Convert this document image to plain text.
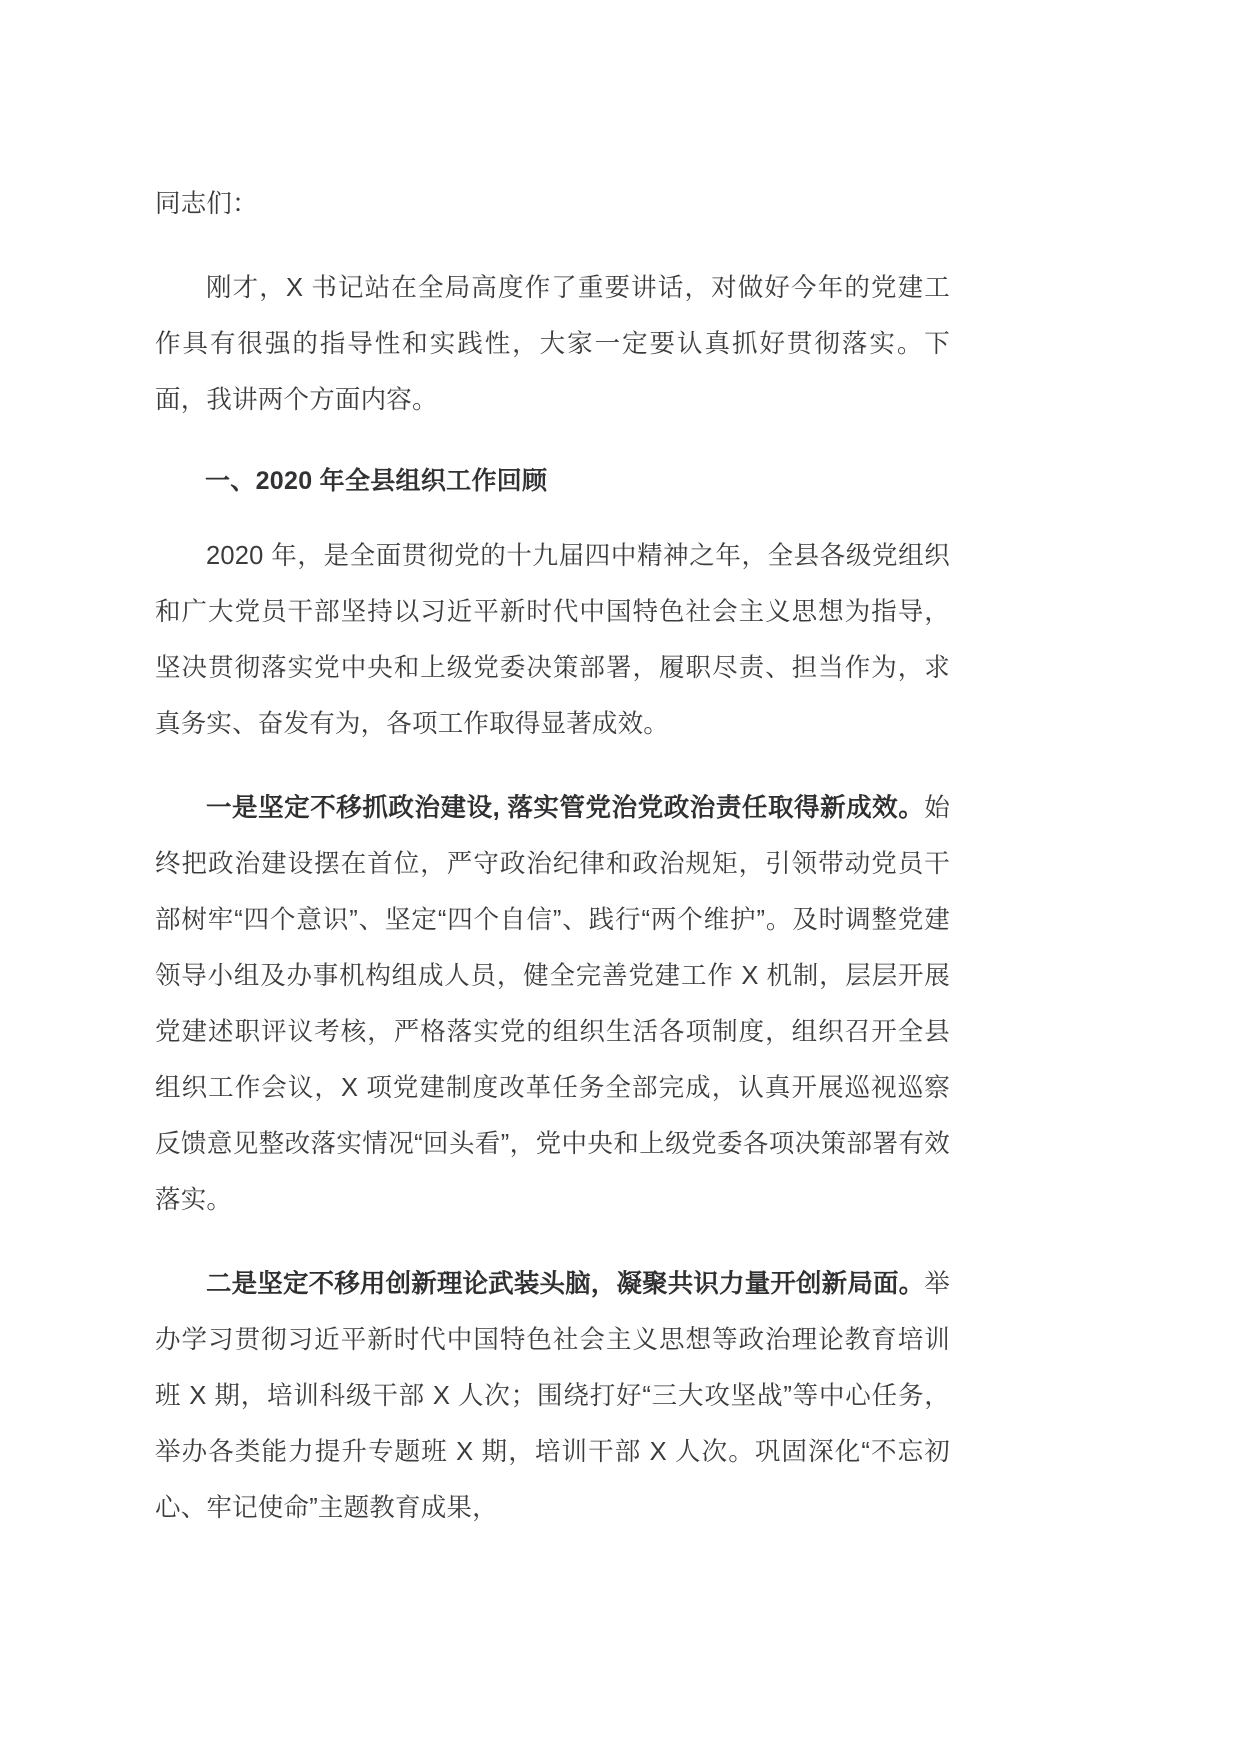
同志们：

刚才，X 书记站在全局高度作了重要讲话，对做好今年的党建工作具有很强的指导性和实践性，大家一定要认真抓好贯彻落实。下面，我讲两个方面内容。

一、2020 年全县组织工作回顾

2020 年，是全面贯彻党的十九届四中精神之年，全县各级党组织和广大党员干部坚持以习近平新时代中国特色社会主义思想为指导，坚决贯彻落实党中央和上级党委决策部署，履职尽责、担当作为，求真务实、奋发有为，各项工作取得显著成效。

一是坚定不移抓政治建设, 落实管党治党政治责任取得新成效。始终把政治建设摆在首位，严守政治纪律和政治规矩，引领带动党员干部树牢“四个意识”、坚定“四个自信”、践行“两个维护”。及时调整党建领导小组及办事机构组成人员，健全完善党建工作 X 机制，层层开展党建述职评议考核，严格落实党的组织生活各项制度，组织召开全县组织工作会议，X 项党建制度改革任务全部完成，认真开展巡视巡察反馈意见整改落实情况“回头看”，党中央和上级党委各项决策部署有效落实。

二是坚定不移用创新理论武装头脑，凝聚共识力量开创新局面。举办学习贯彻习近平新时代中国特色社会主义思想等政治理论教育培训班 X 期，培训科级干部 X 人次；围绕打好“三大攻坚战”等中心任务，举办各类能力提升专题班 X 期，培训干部 X 人次。巩固深化“不忘初心、牢记使命”主题教育成果，
